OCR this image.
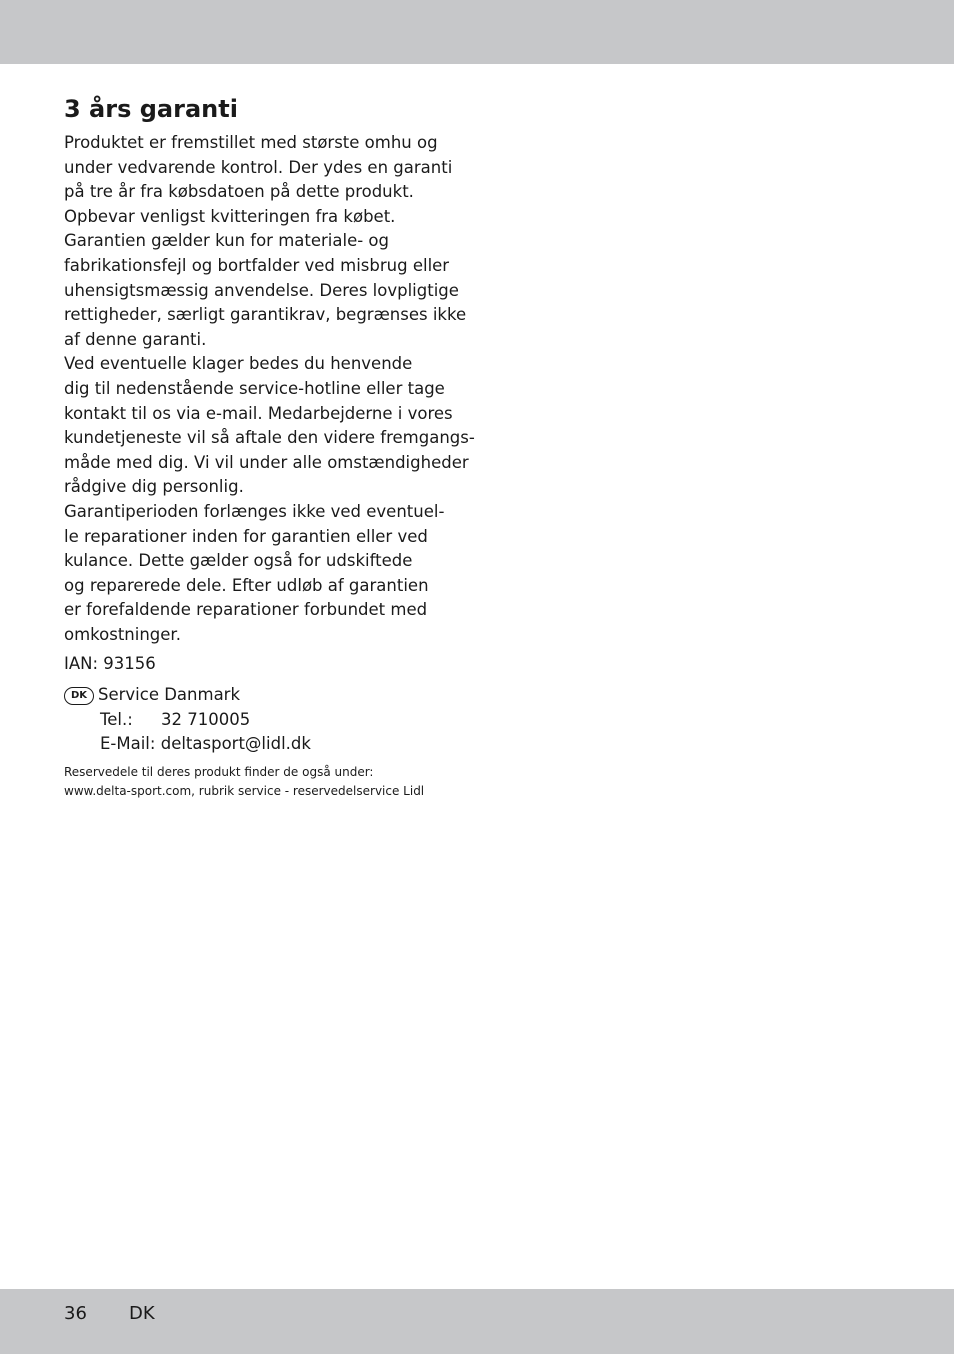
3 års garanti
Produktet er fremstillet med største omhu og
under vedvarende kontrol. Der ydes en garanti
på tre år fra købsdatoen på dette produkt.
Opbevar venligst kvitteringen fra købet.
Garantien gælder kun for materiale- og
fabrikationsfejl og bortfalder ved misbrug eller
uhensigtsmæssig anvendelse. Deres lovpligtige
rettigheder, særligt garantikrav, begrænses ikke
af denne garanti.
Ved eventuelle klager bedes du henvende
dig til nedenstående service-hotline eller tage
kontakt til os via e-mail. Medarbejderne i vores
kundetjeneste vil så aftale den videre fremgangs-
måde med dig. Vi vil under alle omstændigheder
rådgive dig personlig.
Garantiperioden forlænges ikke ved eventuel-
le reparationer inden for garantien eller ved
kulance. Dette gælder også for udskiftede
og reparerede dele. Efter udløb af garantien
er forefaldende reparationer forbundet med
omkostninger.
IAN: 93156
DK Service Danmark
Tel.: 32 710005
E-Mail: deltasport@lidl.dk
Reservedele til deres produkt finder de også under:
www.delta-sport.com, rubrik service - reservedelservice Lidl
36 DK
